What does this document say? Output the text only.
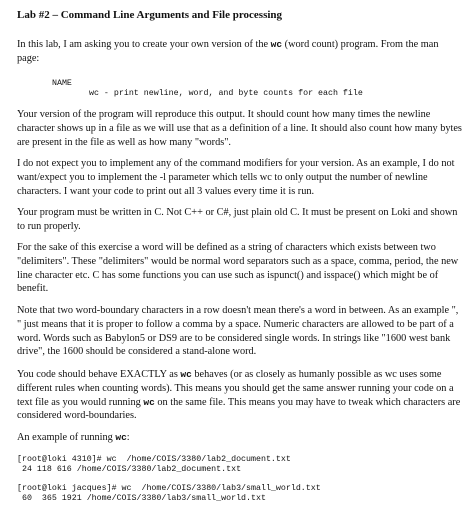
Lab #2 – Command Line Arguments and File processing

In this lab, I am asking you to create your own version of the wc (word count) program. From the man page:

NAME
wc - print newline, word, and byte counts for each file

Your version of the program will reproduce this output. It should count how many times the newline character shows up in a file as we will use that as a definition of a line. It should also count how many bytes are present in the file as well as how many "words".

I do not expect you to implement any of the command modifiers for your version. As an example, I do not want/expect you to implement the -l parameter which tells wc to only output the number of newline characters. I want your code to print out all 3 values every time it is run.

Your program must be written in C. Not C++ or C#, just plain old C. It must be present on Loki and shown to run properly.

For the sake of this exercise a word will be defined as a string of characters which exists between two "delimiters". These "delimiters" would be normal word separators such as a space, comma, period, the new line character etc. C has some functions you can use such as ispunct() and isspace() which might be of benefit.

Note that two word-boundary characters in a row doesn't mean there's a word in between. As an example ", " just means that it is proper to follow a comma by a space. Numeric characters are allowed to be part of a word. Words such as Babylon5 or DS9 are to be considered single words. In strings like "1600 west bank drive", the 1600 should be considered a stand-alone word.

You code should behave EXACTLY as wc behaves (or as closely as humanly possible as wc uses some different rules when counting words). This means you should get the same answer running your code on a text file as you would running wc on the same file. This means you may have to tweak which characters are considered word-boundaries.

An example of running wc:

[root@loki 4310]# wc  /home/COIS/3380/lab2_document.txt
24 118 616 /home/COIS/3380/lab2_document.txt
[root@loki jacques]# wc  /home/COIS/3380/lab3/small_world.txt
60  365 1921 /home/COIS/3380/lab3/small_world.txt
